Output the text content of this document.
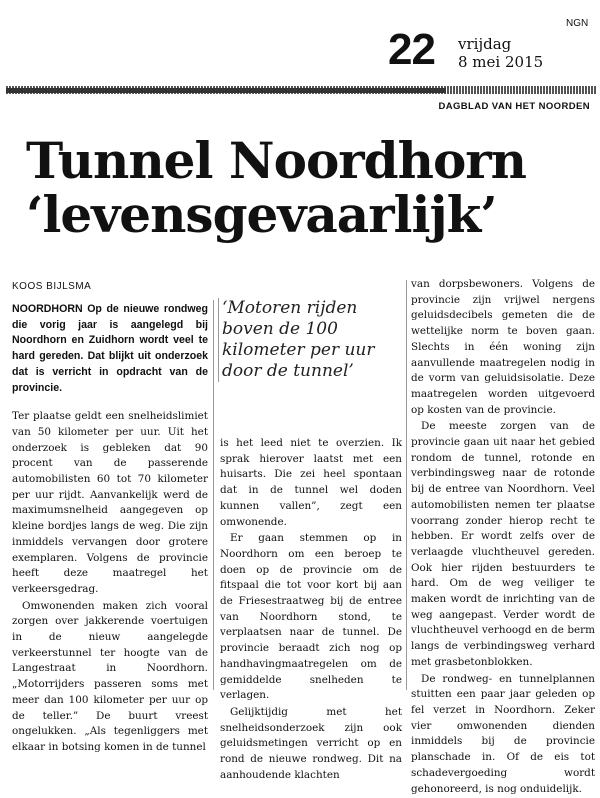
NGN
22 vrijdag
8 mei 2015
DAGBLAD VAN HET NOORDEN
Tunnel Noordhorn
‘levensgevaarlijk’
KOOS BIJLSMA

NOORDHORN Op de nieuwe rondweg die vorig jaar is aangelegd bij Noordhorn en Zuidhorn wordt veel te hard gereden. Dat blijkt uit onderzoek dat is verricht in opdracht van de provincie.

Ter plaatse geldt een snelheidslimiet van 50 kilometer per uur. Uit het onderzoek is gebleken dat 90 procent van de passerende automobilisten 60 tot 70 kilometer per uur rijdt. Aanvankelijk werd de maximumsnelheid aangegeven op kleine bordjes langs de weg. Die zijn inmiddels vervangen door grotere exemplaren. Volgens de provincie heeft deze maatregel het verkeersgedrag.

Omwonenden maken zich vooral zorgen over jakkerende voertuigen in de nieuw aangelegde verkeerstunnel ter hoogte van de Langestraat in Noordhorn. „Motorrijders passeren soms met meer dan 100 kilometer per uur op de teller.” De buurt vreest ongelukken. „Als tegenliggers met elkaar in botsing komen in de tunnel

‘Motoren rijden boven de 100 kilometer per uur door de tunnel’

is het leed niet te overzien. Ik sprak hierover laatst met een huisarts. Die zei heel spontaan dat in de tunnel wel doden kunnen vallen”, zegt een omwonende.

Er gaan stemmen op in Noordhorn om een beroep te doen op de provincie om de fitspaal die tot voor kort bij aan de Friesestraatweg bij de entree van Noordhorn stond, te verplaatsen naar de tunnel. De provincie beraadt zich nog op handhavingmaatregelen om de gemiddelde snelheden te verlagen.

Gelijktijdig met het snelheidsonderzoek zijn ook geluidsmetingen verricht op en rond de nieuwe rondweg. Dit na aanhoudende klachten

van dorpsbewoners. Volgens de provincie zijn vrijwel nergens geluidsdecibels gemeten die de wettelijke norm te boven gaan. Slechts in één woning zijn aanvullende maatregelen nodig in de vorm van geluidsisolatie. Deze maatregelen worden uitgevoerd op kosten van de provincie.

De meeste zorgen van de provincie gaan uit naar het gebied rondom de tunnel, rotonde en verbindingsweg naar de rotonde bij de entree van Noordhorn. Veel automobilisten nemen ter plaatse voorrang zonder hierop recht te hebben. Er wordt zelfs over de verlaagde vluchtheuvel gereden. Ook hier rijden bestuurders te hard. Om de weg veiliger te maken wordt de inrichting van de weg aangepast. Verder wordt de vluchtheuvel verhoogd en de berm langs de verbindingsweg verhard met grasbetonblokken.

De rondweg- en tunnelplannen stuitten een paar jaar geleden op fel verzet in Noordhorn. Zeker vier omwonenden dienden inmiddels bij de provincie planschade in. Of de eis tot schadevergoeding wordt gehonoreerd, is nog onduidelijk.
